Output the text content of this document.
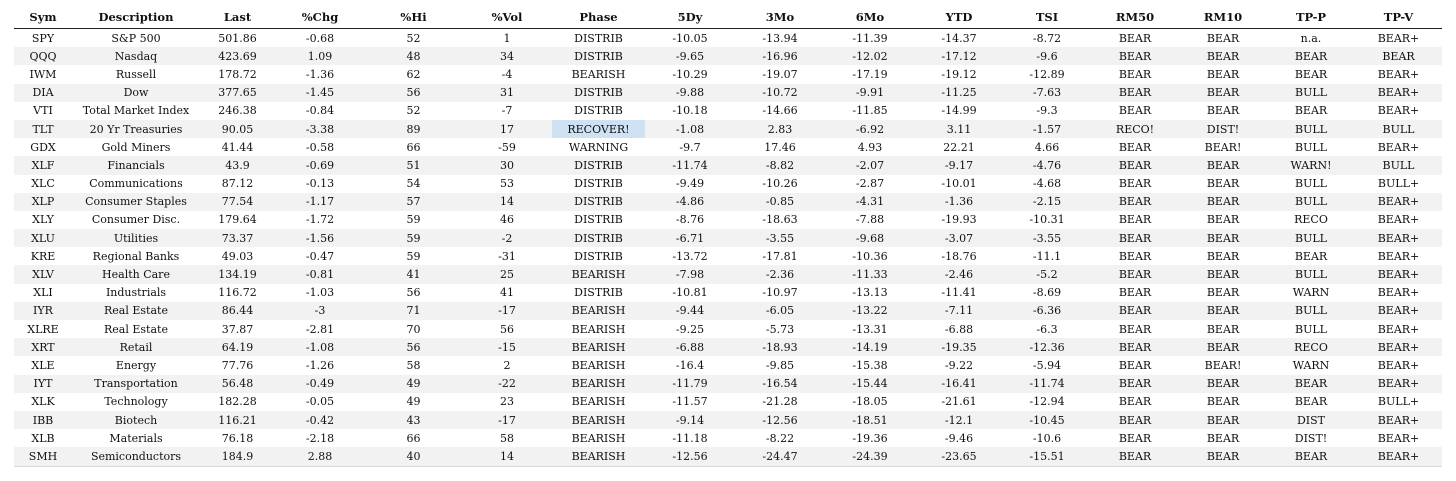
Sym	Description	Last	%Chg	%Hi	%Vol	Phase	5Dy	3Mo	6Mo	YTD	TSI	RM50	RM10	TP-P	TP-V
SPY	S&P 500	501.86	-0.68	52	1	DISTRIB	-10.05	-13.94	-11.39	-14.37	-8.72	BEAR	BEAR	n.a.	BEAR+
QQQ	Nasdaq	423.69	1.09	48	34	DISTRIB	-9.65	-16.96	-12.02	-17.12	-9.6	BEAR	BEAR	BEAR	BEAR
IWM	Russell	178.72	-1.36	62	-4	BEARISH	-10.29	-19.07	-17.19	-19.12	-12.89	BEAR	BEAR	BEAR	BEAR+
DIA	Dow	377.65	-1.45	56	31	DISTRIB	-9.88	-10.72	-9.91	-11.25	-7.63	BEAR	BEAR	BULL	BEAR+
VTI	Total Market Index	246.38	-0.84	52	-7	DISTRIB	-10.18	-14.66	-11.85	-14.99	-9.3	BEAR	BEAR	BEAR	BEAR+
TLT	20 Yr Treasuries	90.05	-3.38	89	17	RECOVER!	-1.08	2.83	-6.92	3.11	-1.57	RECO!	DIST!	BULL	BULL
GDX	Gold Miners	41.44	-0.58	66	-59	WARNING	-9.7	17.46	4.93	22.21	4.66	BEAR	BEAR!	BULL	BEAR+
XLF	Financials	43.9	-0.69	51	30	DISTRIB	-11.74	-8.82	-2.07	-9.17	-4.76	BEAR	BEAR	WARN!	BULL
XLC	Communications	87.12	-0.13	54	53	DISTRIB	-9.49	-10.26	-2.87	-10.01	-4.68	BEAR	BEAR	BULL	BULL+
XLP	Consumer Staples	77.54	-1.17	57	14	DISTRIB	-4.86	-0.85	-4.31	-1.36	-2.15	BEAR	BEAR	BULL	BEAR+
XLY	Consumer Disc.	179.64	-1.72	59	46	DISTRIB	-8.76	-18.63	-7.88	-19.93	-10.31	BEAR	BEAR	RECO	BEAR+
XLU	Utilities	73.37	-1.56	59	-2	DISTRIB	-6.71	-3.55	-9.68	-3.07	-3.55	BEAR	BEAR	BULL	BEAR+
KRE	Regional Banks	49.03	-0.47	59	-31	DISTRIB	-13.72	-17.81	-10.36	-18.76	-11.1	BEAR	BEAR	BEAR	BEAR+
XLV	Health Care	134.19	-0.81	41	25	BEARISH	-7.98	-2.36	-11.33	-2.46	-5.2	BEAR	BEAR	BULL	BEAR+
XLI	Industrials	116.72	-1.03	56	41	DISTRIB	-10.81	-10.97	-13.13	-11.41	-8.69	BEAR	BEAR	WARN	BEAR+
IYR	Real Estate	86.44	-3	71	-17	BEARISH	-9.44	-6.05	-13.22	-7.11	-6.36	BEAR	BEAR	BULL	BEAR+
XLRE	Real Estate	37.87	-2.81	70	56	BEARISH	-9.25	-5.73	-13.31	-6.88	-6.3	BEAR	BEAR	BULL	BEAR+
XRT	Retail	64.19	-1.08	56	-15	BEARISH	-6.88	-18.93	-14.19	-19.35	-12.36	BEAR	BEAR	RECO	BEAR+
XLE	Energy	77.76	-1.26	58	2	BEARISH	-16.4	-9.85	-15.38	-9.22	-5.94	BEAR	BEAR!	WARN	BEAR+
IYT	Transportation	56.48	-0.49	49	-22	BEARISH	-11.79	-16.54	-15.44	-16.41	-11.74	BEAR	BEAR	BEAR	BEAR+
XLK	Technology	182.28	-0.05	49	23	BEARISH	-11.57	-21.28	-18.05	-21.61	-12.94	BEAR	BEAR	BEAR	BULL+
IBB	Biotech	116.21	-0.42	43	-17	BEARISH	-9.14	-12.56	-18.51	-12.1	-10.45	BEAR	BEAR	DIST	BEAR+
XLB	Materials	76.18	-2.18	66	58	BEARISH	-11.18	-8.22	-19.36	-9.46	-10.6	BEAR	BEAR	DIST!	BEAR+
SMH	Semiconductors	184.9	2.88	40	14	BEARISH	-12.56	-24.47	-24.39	-23.65	-15.51	BEAR	BEAR	BEAR	BEAR+
